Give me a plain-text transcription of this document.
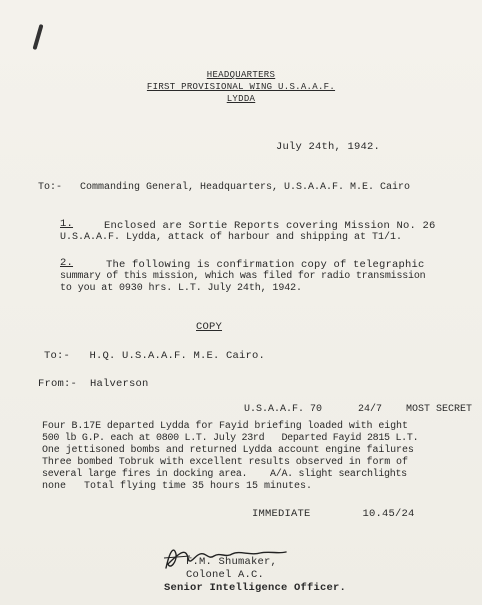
HEADQUARTERS
FIRST PROVISIONAL WING U.S.A.A.F.
LYDDA
July 24th, 1942.
To:-   Commanding General, Headquarters, U.S.A.A.F. M.E. Cairo
1.	Enclosed are Sortie Reports covering Mission No. 26
U.S.A.A.F. Lydda, attack of harbour and shipping at T1/1.
2.	The following is confirmation copy of telegraphic
summary of this mission, which was filed for radio transmission
to you at 0930 hrs. L.T. July 24th, 1942.
COPY
To:-   H.Q. U.S.A.A.F. M.E. Cairo.
From:-  Halverson
U.S.A.A.F. 70      24/7    MOST SECRET
Four B.17E departed Lydda for Fayid briefing loaded with eight
500 lb G.P. each at 0800 L.T. July 23rd   Departed Fayid 2815 L.T.
One jettisoned bombs and returned Lydda account engine failures
Three bombed Tobruk with excellent results observed in form of
several large fires in docking area.    A/A. slight searchlights
none   Total flying time 35 hours 15 minutes.
IMMEDIATE        10.45/24
F.M. Shumaker,
Colonel A.C.
Senior Intelligence Officer.
